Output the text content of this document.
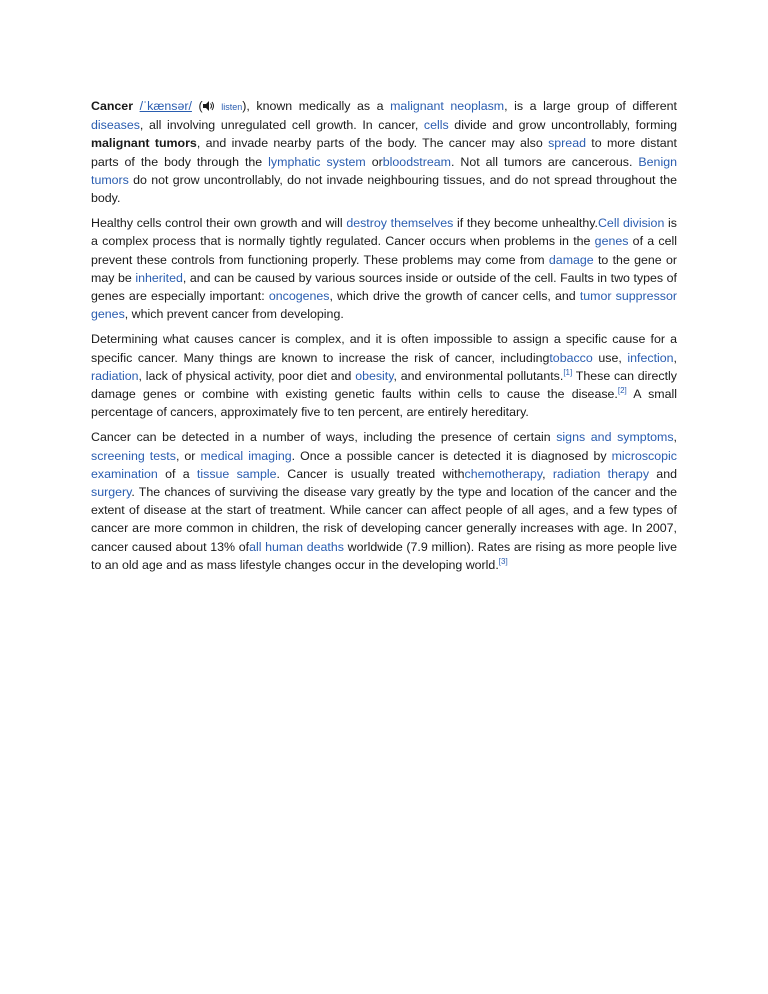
Cancer /ˈkænsər/ ( listen), known medically as a malignant neoplasm, is a large group of different diseases, all involving unregulated cell growth. In cancer, cells divide and grow uncontrollably, forming malignant tumors, and invade nearby parts of the body. The cancer may also spread to more distant parts of the body through the lymphatic system orbloodstream. Not all tumors are cancerous. Benign tumors do not grow uncontrollably, do not invade neighbouring tissues, and do not spread throughout the body.

Healthy cells control their own growth and will destroy themselves if they become unhealthy.Cell division is a complex process that is normally tightly regulated. Cancer occurs when problems in the genes of a cell prevent these controls from functioning properly. These problems may come from damage to the gene or may be inherited, and can be caused by various sources inside or outside of the cell. Faults in two types of genes are especially important: oncogenes, which drive the growth of cancer cells, and tumor suppressor genes, which prevent cancer from developing.

Determining what causes cancer is complex, and it is often impossible to assign a specific cause for a specific cancer. Many things are known to increase the risk of cancer, includingtobacco use, infection, radiation, lack of physical activity, poor diet and obesity, and environmental pollutants.[1] These can directly damage genes or combine with existing genetic faults within cells to cause the disease.[2] A small percentage of cancers, approximately five to ten percent, are entirely hereditary.

Cancer can be detected in a number of ways, including the presence of certain signs and symptoms, screening tests, or medical imaging. Once a possible cancer is detected it is diagnosed by microscopic examination of a tissue sample. Cancer is usually treated withchemotherapy, radiation therapy and surgery. The chances of surviving the disease vary greatly by the type and location of the cancer and the extent of disease at the start of treatment. While cancer can affect people of all ages, and a few types of cancer are more common in children, the risk of developing cancer generally increases with age. In 2007, cancer caused about 13% ofall human deaths worldwide (7.9 million). Rates are rising as more people live to an old age and as mass lifestyle changes occur in the developing world.[3]
